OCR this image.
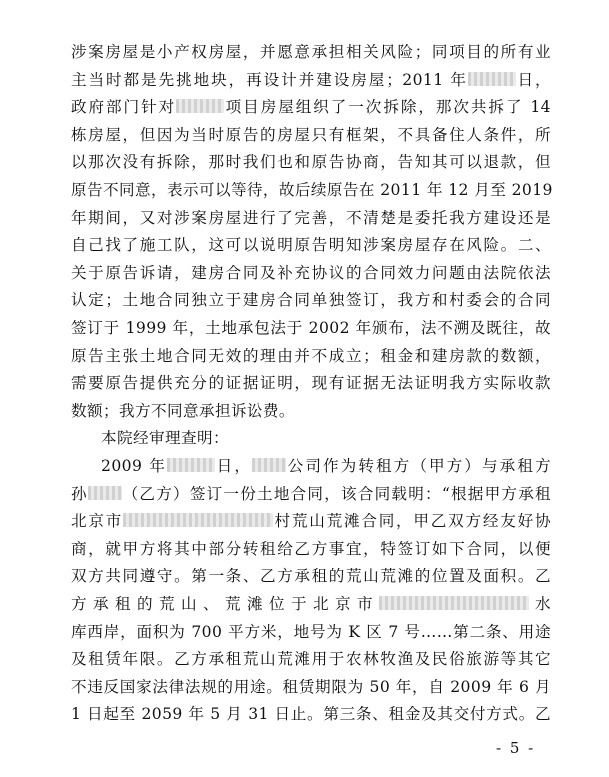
涉案房屋是小产权房屋，并愿意承担相关风险；同项目的所有业
主当时都是先挑地块，再设计并建设房屋；2011 年	日，
政府部门针对	项目房屋组织了一次拆除，那次共拆了 14
栋房屋，但因为当时原告的房屋只有框架，不具备住人条件，所
以那次没有拆除，那时我们也和原告协商，告知其可以退款，但
原告不同意，表示可以等待，故后续原告在 2011 年 12 月至 2019
年期间，又对涉案房屋进行了完善，不清楚是委托我方建设还是
自己找了施工队，这可以说明原告明知涉案房屋存在风险。二、
关于原告诉请，建房合同及补充协议的合同效力问题由法院依法
认定；土地合同独立于建房合同单独签订，我方和村委会的合同
签订于 1999 年，土地承包法于 2002 年颁布，法不溯及既往，故
原告主张土地合同无效的理由并不成立；租金和建房款的数额，
需要原告提供充分的证据证明，现有证据无法证明我方实际收款
数额；我方不同意承担诉讼费。
本院经审理查明：
2009 年	日， 公司作为转租方（甲方）与承租方
孙 （乙方）签订一份土地合同，该合同载明：“根据甲方承租
北京市	村荒山荒滩合同，甲乙双方经友好协
商，就甲方将其中部分转租给乙方事宜，特签订如下合同，以便
双方共同遵守。第一条、乙方承租的荒山荒滩的位置及面积。乙
方承租的荒山、荒滩位于北京市	水
库西岸，面积为 700 平方米，地号为 K 区 7 号……第二条、用途
及租赁年限。乙方承租荒山荒滩用于农林牧渔及民俗旅游等其它
不违反国家法律法规的用途。租赁期限为 50 年，自 2009 年 6 月
1 日起至 2059 年 5 月 31 日止。第三条、租金及其交付方式。乙
- 5 -
